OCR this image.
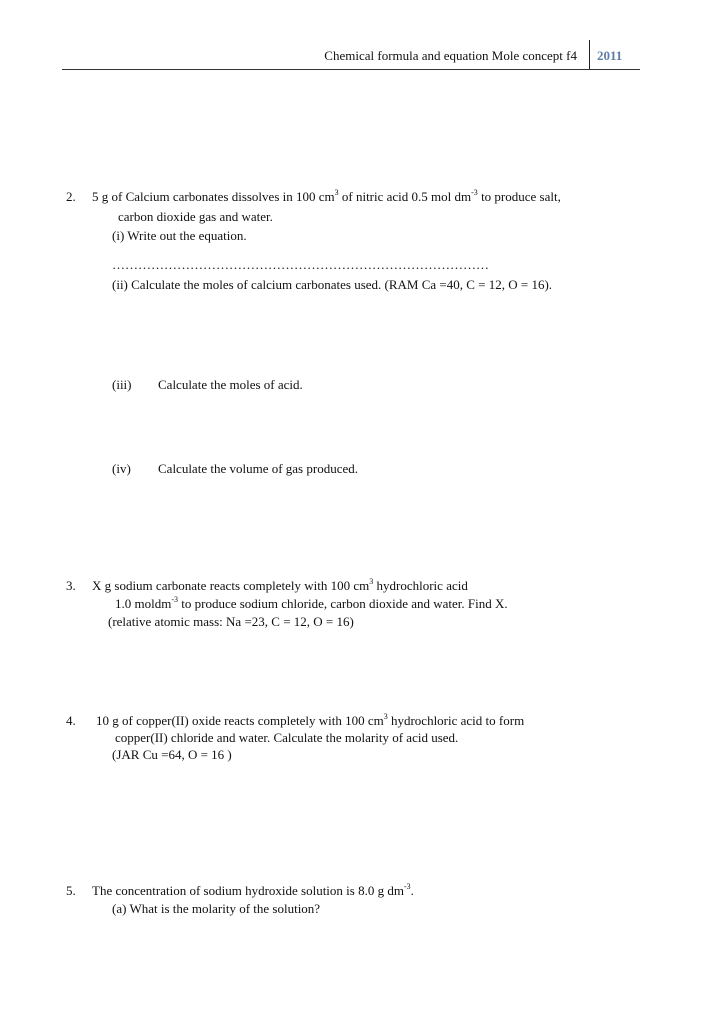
Chemical formula and equation Mole concept f4 2011
2. 5 g of Calcium carbonates dissolves in 100 $cm^3$ of nitric acid 0.5 mol $dm^{-3}$ to produce salt,
carbon dioxide gas and water.
(i) Write out the equation.
……………………………………………………………………………
(ii) Calculate the moles of calcium carbonates used. (RAM Ca =40, C = 12, O = 16).
(iii) Calculate the moles of acid.
(iv) Calculate the volume of gas produced.
3. X g sodium carbonate reacts completely with 100 $cm^3$ hydrochloric acid
1.0 moldm$^{-3}$ to produce sodium chloride, carbon dioxide and water. Find X.
(relative atomic mass: Na =23, C = 12, O = 16)
4. 10 g of copper(II) oxide reacts completely with 100 $cm^3$ hydrochloric acid to form
copper(II) chloride and water. Calculate the molarity of acid used.
(JAR Cu =64, O = 16 )
5. The concentration of sodium hydroxide solution is 8.0 g $dm^{-3}$.
(a) What is the molarity of the solution?
